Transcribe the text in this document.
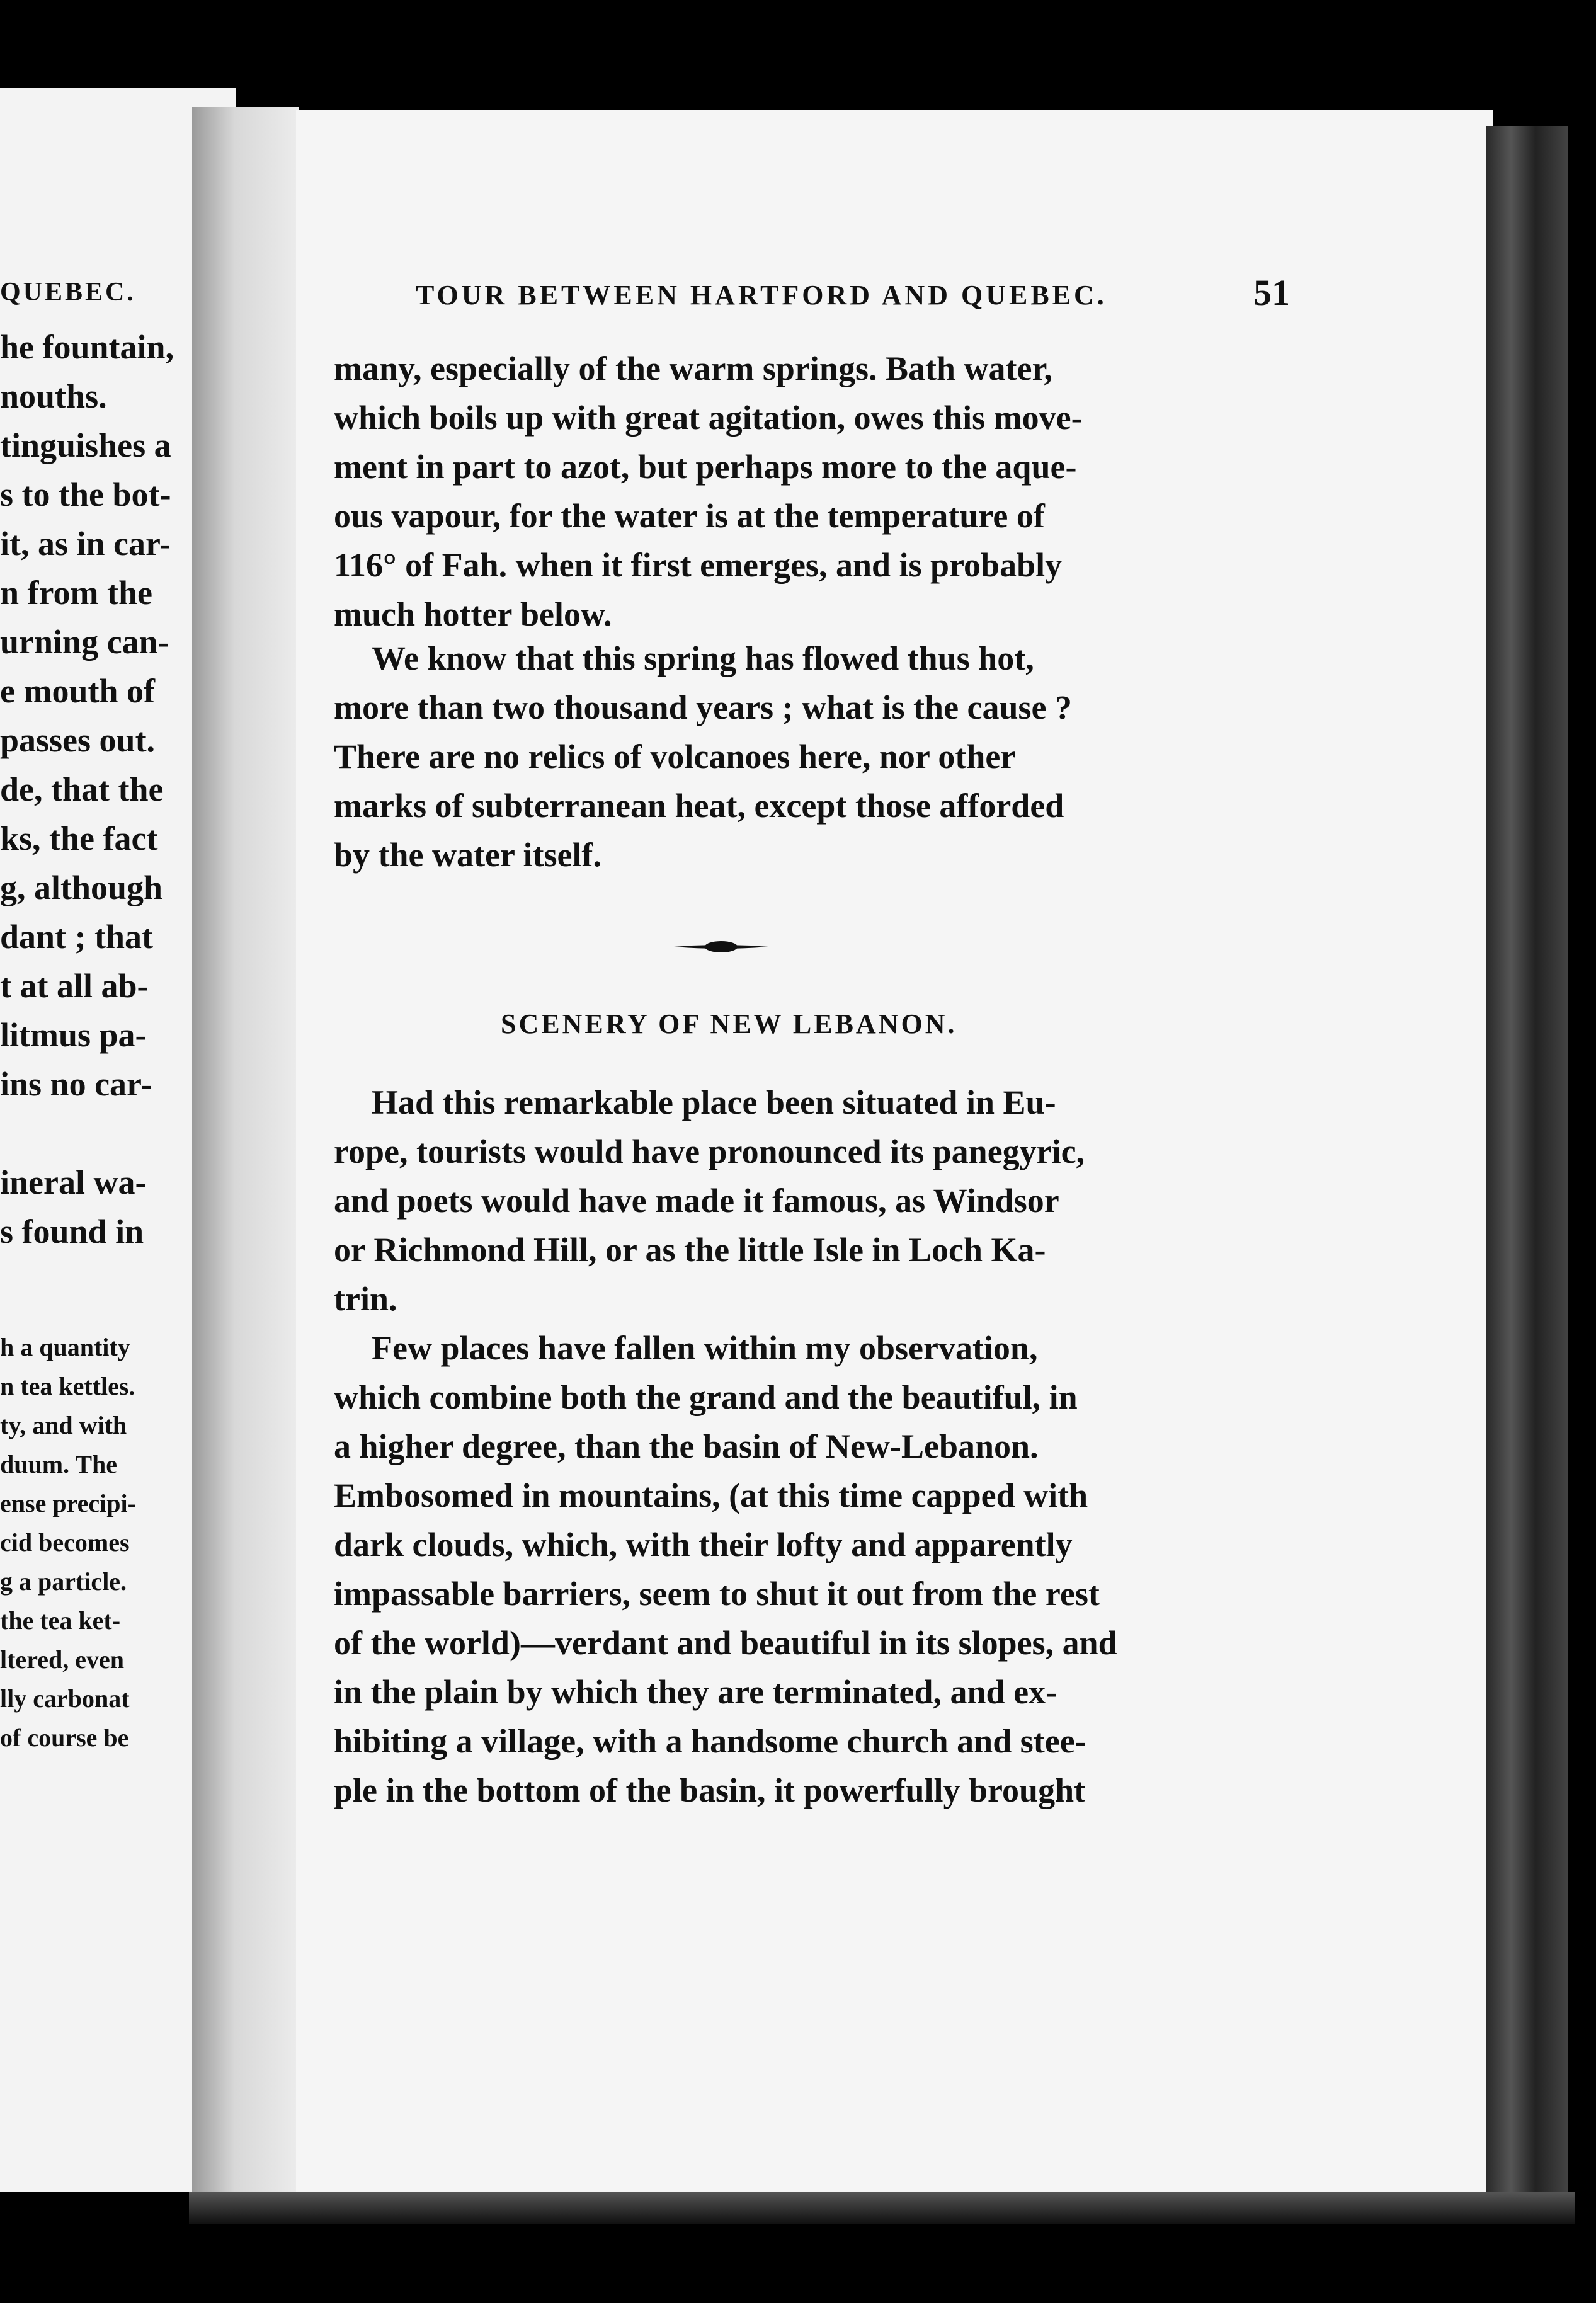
QUEBEC.
he fountain,
nouths.
tinguishes a
s to the bot-
it, as in car-
n from the
urning can-
e mouth of
passes out.
de, that the
ks, the fact
g, although
dant ; that
t at all ab-
litmus pa-
ins no car-
ineral wa-
s found in
h a quantity
n tea kettles.
ty, and with
duum. The
ense precipi-
cid becomes
g a particle.
the tea ket-
ltered, even
lly carbonat
of course be
TOUR BETWEEN HARTFORD AND QUEBEC.	51
many, especially of the warm springs. Bath water,
which boils up with great agitation, owes this move-
ment in part to azot, but perhaps more to the aque-
ous vapour, for the water is at the temperature of
116° of Fah. when it first emerges, and is probably
much hotter below.
We know that this spring has flowed thus hot,
more than two thousand years ; what is the cause ?
There are no relics of volcanoes here, nor other
marks of subterranean heat, except those afforded
by the water itself.
SCENERY OF NEW LEBANON.
Had this remarkable place been situated in Eu-
rope, tourists would have pronounced its panegyric,
and poets would have made it famous, as Windsor
or Richmond Hill, or as the little Isle in Loch Ka-
trin.
Few places have fallen within my observation,
which combine both the grand and the beautiful, in
a higher degree, than the basin of New-Lebanon.
Embosomed in mountains, (at this time capped with
dark clouds, which, with their lofty and apparently
impassable barriers, seem to shut it out from the rest
of the world)—verdant and beautiful in its slopes, and
in the plain by which they are terminated, and ex-
hibiting a village, with a handsome church and stee-
ple in the bottom of the basin, it powerfully brought
